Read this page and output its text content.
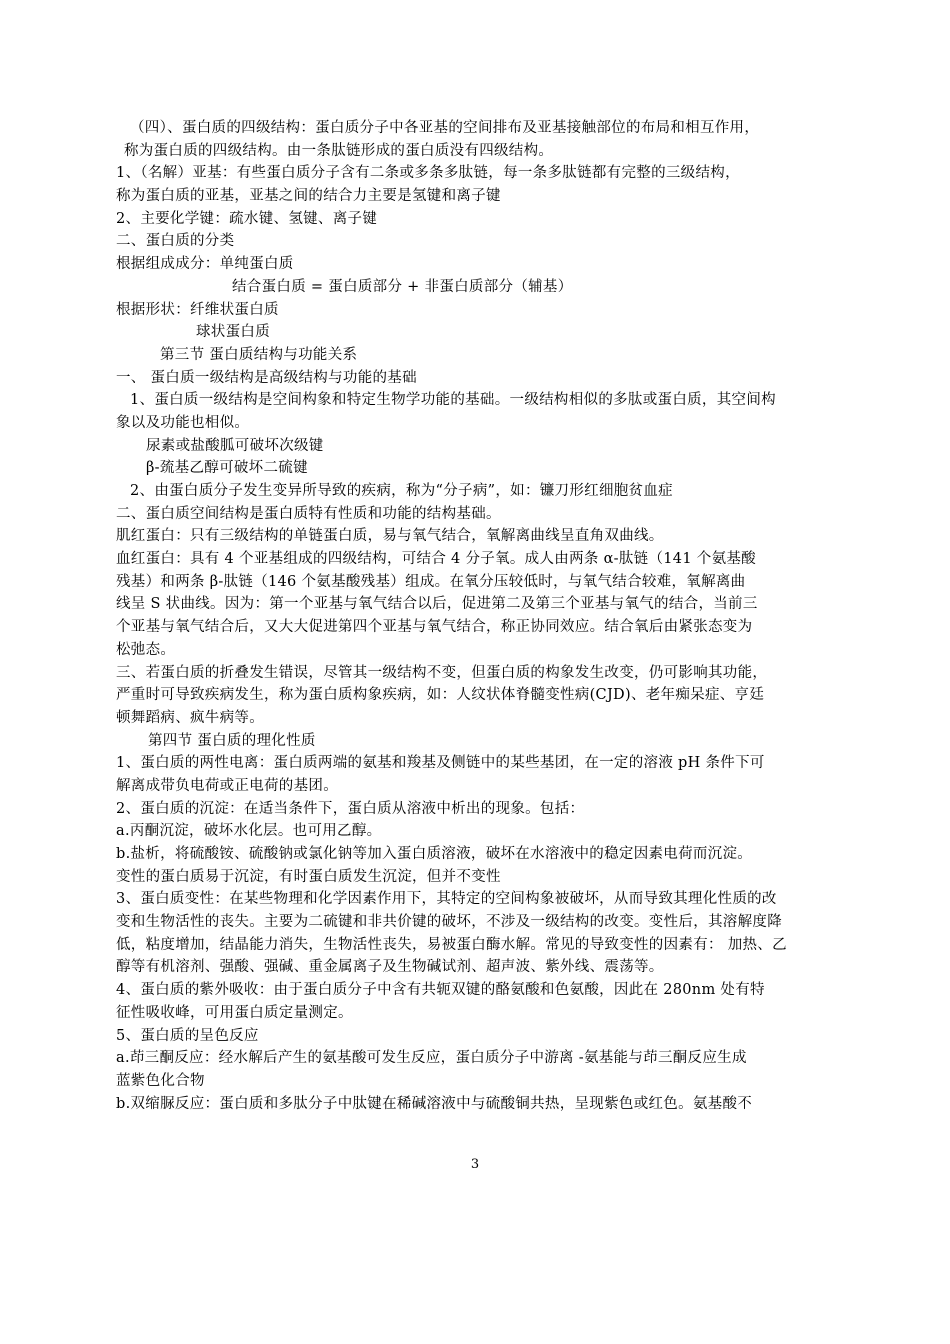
（四）、蛋白质的四级结构：蛋白质分子中各亚基的空间排布及亚基接触部位的布局和相互作用，
称为蛋白质的四级结构。由一条肽链形成的蛋白质没有四级结构。
1、（名解）亚基：有些蛋白质分子含有二条或多条多肽链，每一条多肽链都有完整的三级结构，
称为蛋白质的亚基，亚基之间的结合力主要是氢键和离子键
2、主要化学键：疏水键、氢键、离子键
二、蛋白质的分类
根据组成成分：单纯蛋白质
结合蛋白质 = 蛋白质部分 + 非蛋白质部分（辅基）
根据形状：纤维状蛋白质
球状蛋白质
第三节 蛋白质结构与功能关系
一、 蛋白质一级结构是高级结构与功能的基础
1、蛋白质一级结构是空间构象和特定生物学功能的基础。一级结构相似的多肽或蛋白质，其空间构
象以及功能也相似。
尿素或盐酸胍可破坏次级键
β-巯基乙醇可破坏二硫键
2、由蛋白质分子发生变异所导致的疾病，称为“分子病”，如：镰刀形红细胞贫血症
二、蛋白质空间结构是蛋白质特有性质和功能的结构基础。
肌红蛋白：只有三级结构的单链蛋白质，易与氧气结合，氧解离曲线呈直角双曲线。
血红蛋白：具有 4 个亚基组成的四级结构，可结合 4 分子氧。成人由两条 α-肽链（141 个氨基酸
残基）和两条 β-肽链（146 个氨基酸残基）组成。在氧分压较低时，与氧气结合较难，氧解离曲
线呈 S 状曲线。因为：第一个亚基与氧气结合以后，促进第二及第三个亚基与氧气的结合，当前三
个亚基与氧气结合后，又大大促进第四个亚基与氧气结合，称正协同效应。结合氧后由紧张态变为
松弛态。
三、若蛋白质的折叠发生错误，尽管其一级结构不变，但蛋白质的构象发生改变，仍可影响其功能，
严重时可导致疾病发生，称为蛋白质构象疾病，如：人纹状体脊髓变性病(CJD)、老年痴呆症、亨廷
顿舞蹈病、疯牛病等。
第四节 蛋白质的理化性质
1、蛋白质的两性电离：蛋白质两端的氨基和羧基及侧链中的某些基团，在一定的溶液 pH 条件下可
解离成带负电荷或正电荷的基团。
2、蛋白质的沉淀：在适当条件下，蛋白质从溶液中析出的现象。包括：
a.丙酮沉淀，破坏水化层。也可用乙醇。
b.盐析，将硫酸铵、硫酸钠或氯化钠等加入蛋白质溶液，破坏在水溶液中的稳定因素电荷而沉淀。
变性的蛋白质易于沉淀，有时蛋白质发生沉淀，但并不变性
3、蛋白质变性：在某些物理和化学因素作用下，其特定的空间构象被破坏，从而导致其理化性质的改
变和生物活性的丧失。主要为二硫键和非共价键的破坏，不涉及一级结构的改变。变性后，其溶解度降
低，粘度增加，结晶能力消失，生物活性丧失，易被蛋白酶水解。常见的导致变性的因素有： 加热、乙
醇等有机溶剂、强酸、强碱、重金属离子及生物碱试剂、超声波、紫外线、震荡等。
4、蛋白质的紫外吸收：由于蛋白质分子中含有共轭双键的酪氨酸和色氨酸，因此在 280nm 处有特
征性吸收峰，可用蛋白质定量测定。
5、蛋白质的呈色反应
a.茚三酮反应：经水解后产生的氨基酸可发生反应，蛋白质分子中游离 -氨基能与茚三酮反应生成
蓝紫色化合物
b.双缩脲反应：蛋白质和多肽分子中肽键在稀碱溶液中与硫酸铜共热，呈现紫色或红色。氨基酸不
3
